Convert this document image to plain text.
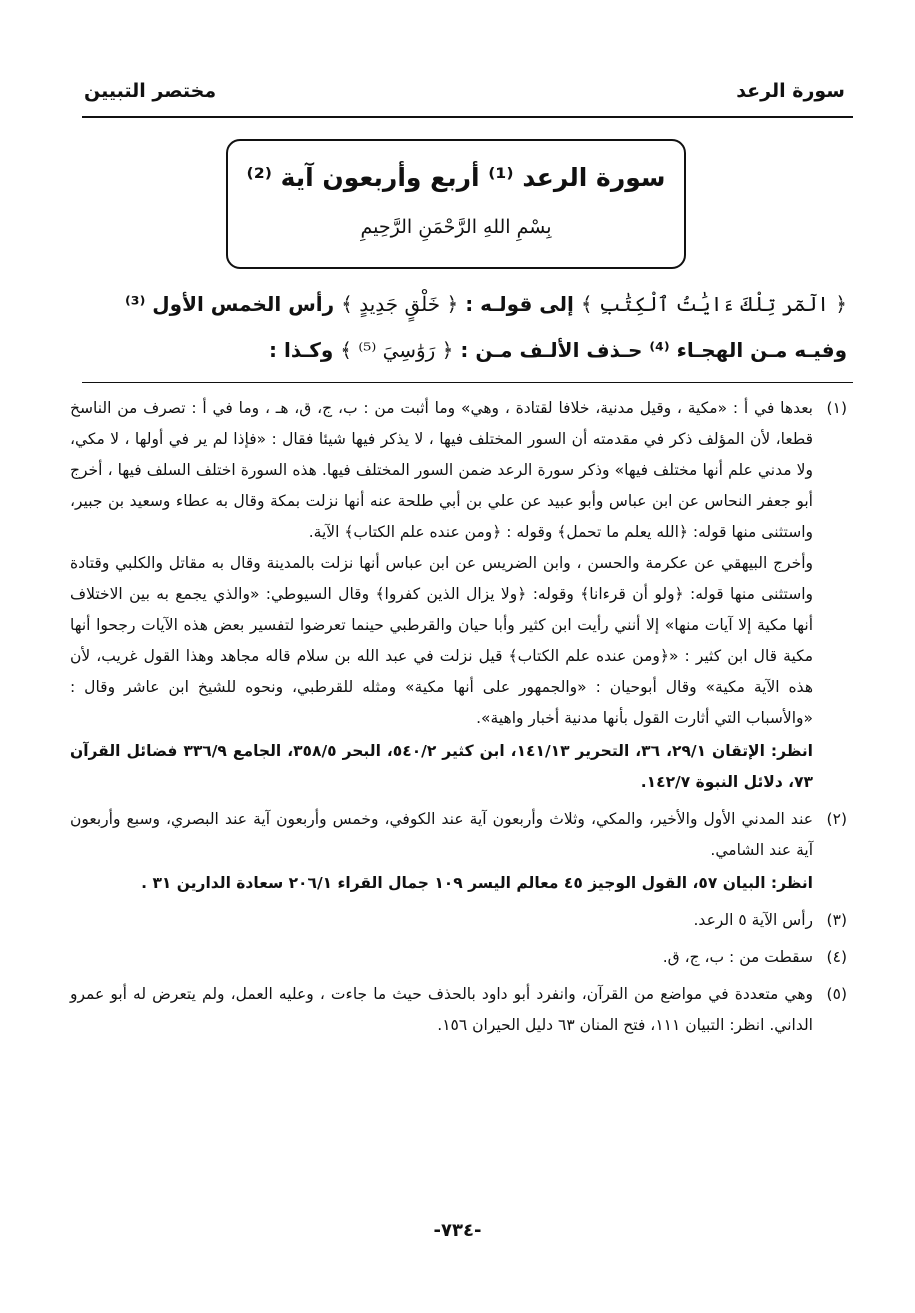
سورة الرعد
مختصر التبيين
سورة الرعد ⁽¹⁾ أربع وأربعون آية ⁽²⁾
بِسْمِ اللهِ الرَّحْمَنِ الرَّحِيمِ
﴿ الٓمٓر تِلْكَ ءَايَٰتُ ٱلْكِتَٰبِ ﴾ إلى قولـه : ﴿ خَلْقٍ جَدِيدٍ ﴾ رأس الخمس الأول ⁽³⁾
وفيـه مـن الهجـاء ⁽⁴⁾ حـذف الألـف مـن : ﴿ رَوَٰسِيَ ⁽⁵⁾ ﴾ وكـذا :
(١)

بعدها في أ : «مكية ، وقيل مدنية، خلافا لقتادة ، وهي» وما أثبت من : ب، ج، ق، هـ ، وما في أ : تصرف من الناسخ قطعا، لأن المؤلف ذكر في مقدمته أن السور المختلف فيها ، لا يذكر فيها شيئا فقال : «فإذا لم ير في أولها ، لا مكي، ولا مدني علم أنها مختلف فيها» وذكر سورة الرعد ضمن السور المختلف فيها. هذه السورة اختلف السلف فيها ، أخرج أبو جعفر النحاس عن ابن عباس وأبو عبيد عن علي بن أبي طلحة عنه أنها نزلت بمكة وقال به عطاء وسعيد بن جبير، واستثنى منها قوله: ﴿الله يعلم ما تحمل﴾ وقوله : ﴿ومن عنده علم الكتاب﴾ الآية.

وأخرج البيهقي عن عكرمة والحسن ، وابن الضريس عن ابن عباس أنها نزلت بالمدينة وقال به مقاتل والكلبي وقتادة واستثنى منها قوله: ﴿ولو أن قرءانا﴾ وقوله: ﴿ولا يزال الذين كفروا﴾ وقال السيوطي: «والذي يجمع به بين الاختلاف أنها مكية إلا آيات منها» إلا أنني رأيت ابن كثير وأبا حيان والقرطبي حينما تعرضوا لتفسير بعض هذه الآيات رجحوا أنها مكية قال ابن كثير : «﴿ومن عنده علم الكتاب﴾ قيل نزلت في عبد الله بن سلام قاله مجاهد وهذا القول غريب، لأن هذه الآية مكية» وقال أبوحيان : «والجمهور على أنها مكية» ومثله للقرطبي، ونحوه للشيخ ابن عاشر وقال : «والأسباب التي أثارت القول بأنها مدنية أخبار واهية».

انظر: الإتقان ٢٩/١، ٣٦، التحرير ١٤١/١٣، ابن كثير ٥٤٠/٢، البحر ٣٥٨/٥، الجامع ٣٣٦/٩ فضائل القرآن ٧٣، دلائل النبوة ١٤٢/٧.

(٢)

عند المدني الأول والأخير، والمكي، وثلاث وأربعون آية عند الكوفي، وخمس وأربعون آية عند البصري، وسبع وأربعون آية عند الشامي.

انظر: البيان ٥٧، القول الوجيز ٤٥ معالم اليسر ١٠٩ جمال القراء ٢٠٦/١ سعادة الدارين ٣١ .

(٣)

رأس الآية ٥ الرعد.

(٤)

سقطت من : ب، ج، ق.

(٥)

وهي متعددة في مواضع من القرآن، وانفرد أبو داود بالحذف حيث ما جاءت ، وعليه العمل، ولم يتعرض له أبو عمرو الداني. انظر: التبيان ١١١، فتح المنان ٦٣ دليل الحيران ١٥٦.

-٧٣٤-
